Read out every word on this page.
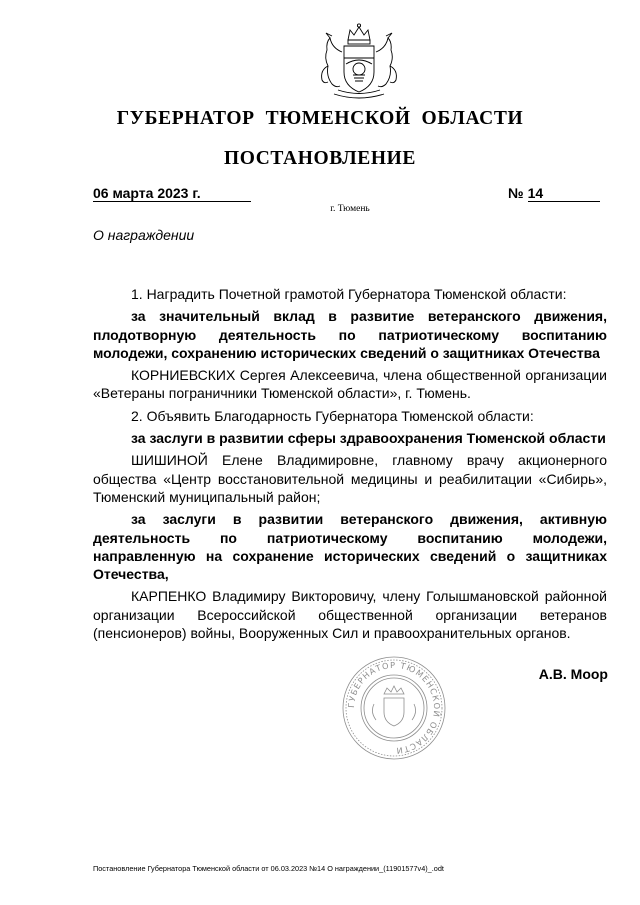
ГУБЕРНАТОР  ТЮМЕНСКОЙ  ОБЛАСТИ
ПОСТАНОВЛЕНИЕ
06 марта 2023 г.	№ 14
г. Тюмень
О награждении

1. Наградить Почетной грамотой Губернатора Тюменской области:

за значительный вклад в развитие ветеранского движения, плодотворную деятельность по патриотическому воспитанию молодежи, сохранению исторических сведений о защитниках Отечества

КОРНИЕВСКИХ Сергея Алексеевича, члена общественной организации «Ветераны пограничники Тюменской области», г. Тюмень.

2. Объявить Благодарность Губернатора Тюменской области:

за заслуги в развитии сферы здравоохранения Тюменской области

ШИШИНОЙ Елене Владимировне, главному врачу акционерного общества «Центр восстановительной медицины и реабилитации «Сибирь», Тюменский муниципальный район;

за заслуги в развитии ветеранского движения, активную деятельность по патриотическому воспитанию молодежи, направленную на сохранение исторических сведений о защитниках Отечества,

КАРПЕНКО Владимиру Викторовичу, члену Голышмановской районной организации Всероссийской общественной организации ветеранов (пенсионеров) войны, Вооруженных Сил и правоохранительных органов.

ГУБЕРНАТОР ТЮМЕНСКОЙ ОБЛАСТИ
А.В. Моор
Постановление Губернатора Тюменской области от 06.03.2023 №14 О награждении_(11901577v4)_.odt
